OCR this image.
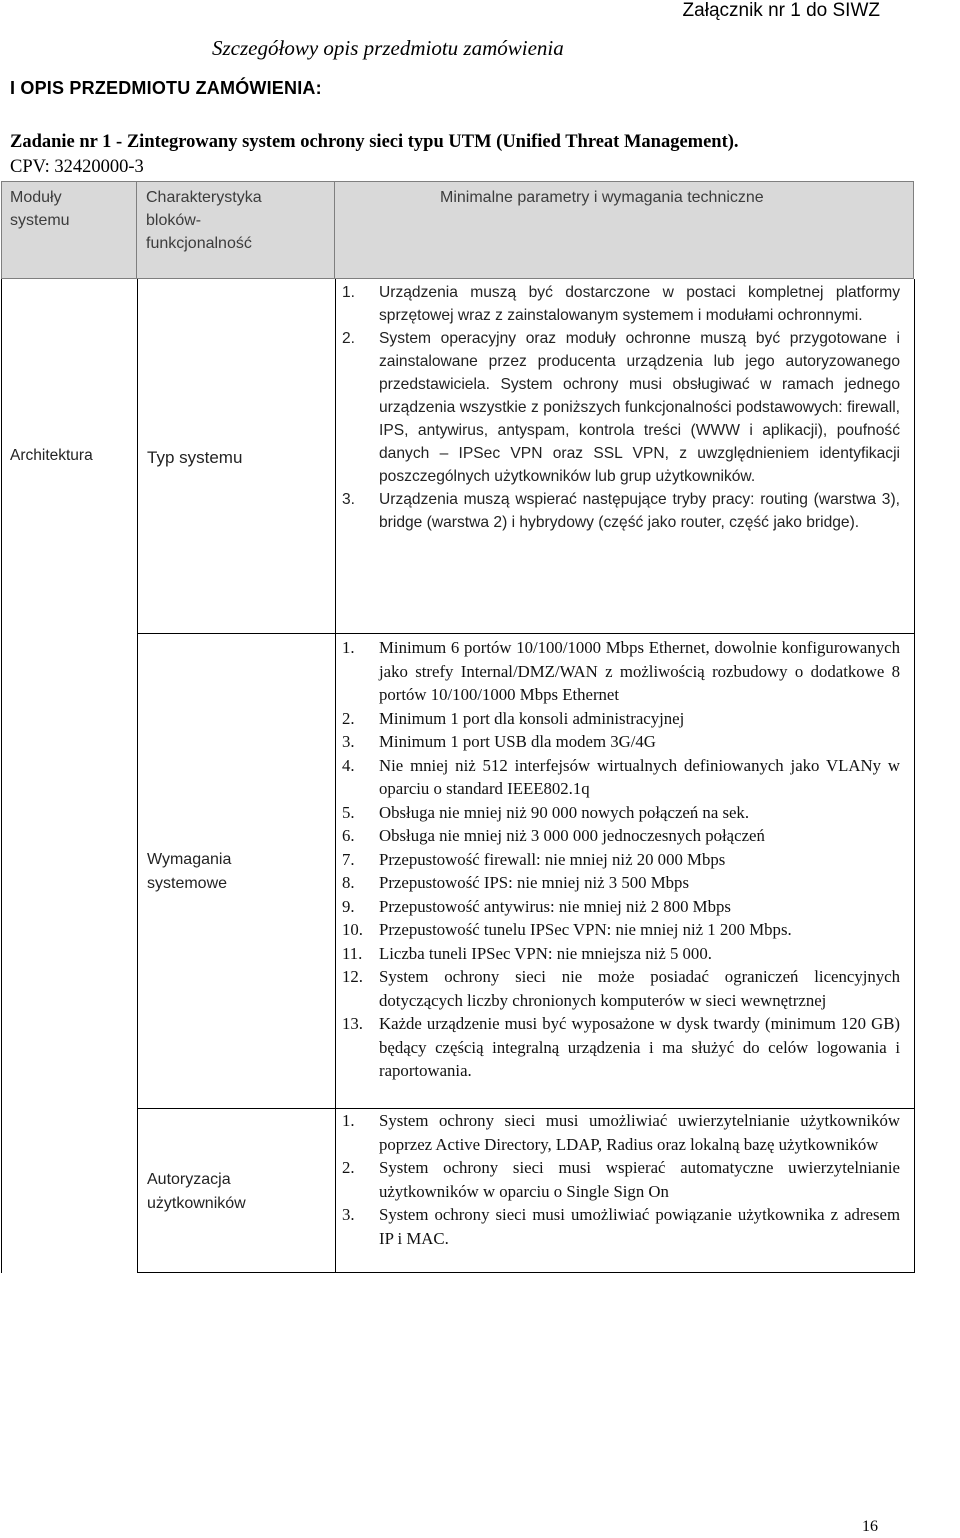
Załącznik nr 1 do SIWZ
Szczegółowy opis przedmiotu zamówienia
I OPIS PRZEDMIOTU ZAMÓWIENIA:
Zadanie nr 1 - Zintegrowany system ochrony sieci typu UTM (Unified Threat Management).
CPV: 32420000-3
Moduły systemu
Charakterystyka bloków-funkcjonalność
Minimalne parametry i wymagania techniczne
Architektura	Typ systemu
Wymagania systemowe
Autoryzacja użytkowników
1. Urządzenia muszą być dostarczone w postaci kompletnej platformy sprzętowej wraz z zainstalowanym systemem i modułami ochronnymi.
2. System operacyjny oraz moduły ochronne muszą być przygotowane i zainstalowane przez producenta urządzenia lub jego autoryzowanego przedstawiciela. System ochrony musi obsługiwać w ramach jednego urządzenia wszystkie z poniższych funkcjonalności podstawowych: firewall, IPS, antywirus, antyspam, kontrola treści (WWW i aplikacji), poufność danych – IPSec VPN oraz SSL VPN, z uwzględnieniem identyfikacji poszczególnych użytkowników lub grup użytkowników.
3. Urządzenia muszą wspierać następujące tryby pracy: routing (warstwa 3), bridge (warstwa 2) i hybrydowy (część jako router, część jako bridge).
1. Minimum 6 portów 10/100/1000 Mbps Ethernet, dowolnie konfigurowanych jako strefy Internal/DMZ/WAN z możliwością rozbudowy o dodatkowe 8 portów 10/100/1000 Mbps Ethernet
2. Minimum 1 port dla konsoli administracyjnej
3. Minimum 1 port USB dla modem 3G/4G
4. Nie mniej niż 512 interfejsów wirtualnych definiowanych jako VLANy w oparciu o standard IEEE802.1q
5. Obsługa nie mniej niż 90 000 nowych połączeń na sek.
6. Obsługa nie mniej niż 3 000 000 jednoczesnych połączeń
7. Przepustowość firewall: nie mniej niż 20 000 Mbps
8. Przepustowość IPS: nie mniej niż 3 500 Mbps
9. Przepustowość antywirus: nie mniej niż 2 800 Mbps
10. Przepustowość tunelu IPSec VPN: nie mniej niż 1 200 Mbps.
11. Liczba tuneli IPSec VPN: nie mniejsza niż 5 000.
12. System ochrony sieci nie może posiadać ograniczeń licencyjnych dotyczących liczby chronionych komputerów w sieci wewnętrznej
13. Każde urządzenie musi być wyposażone w dysk twardy (minimum 120 GB) będący częścią integralną urządzenia i ma służyć do celów logowania i raportowania.
1. System ochrony sieci musi umożliwiać uwierzytelnianie użytkowników poprzez Active Directory, LDAP, Radius oraz lokalną bazę użytkowników
2. System ochrony sieci musi wspierać automatyczne uwierzytelnianie użytkowników w oparciu o Single Sign On
3. System ochrony sieci musi umożliwiać powiązanie użytkownika z adresem IP i MAC.
16
